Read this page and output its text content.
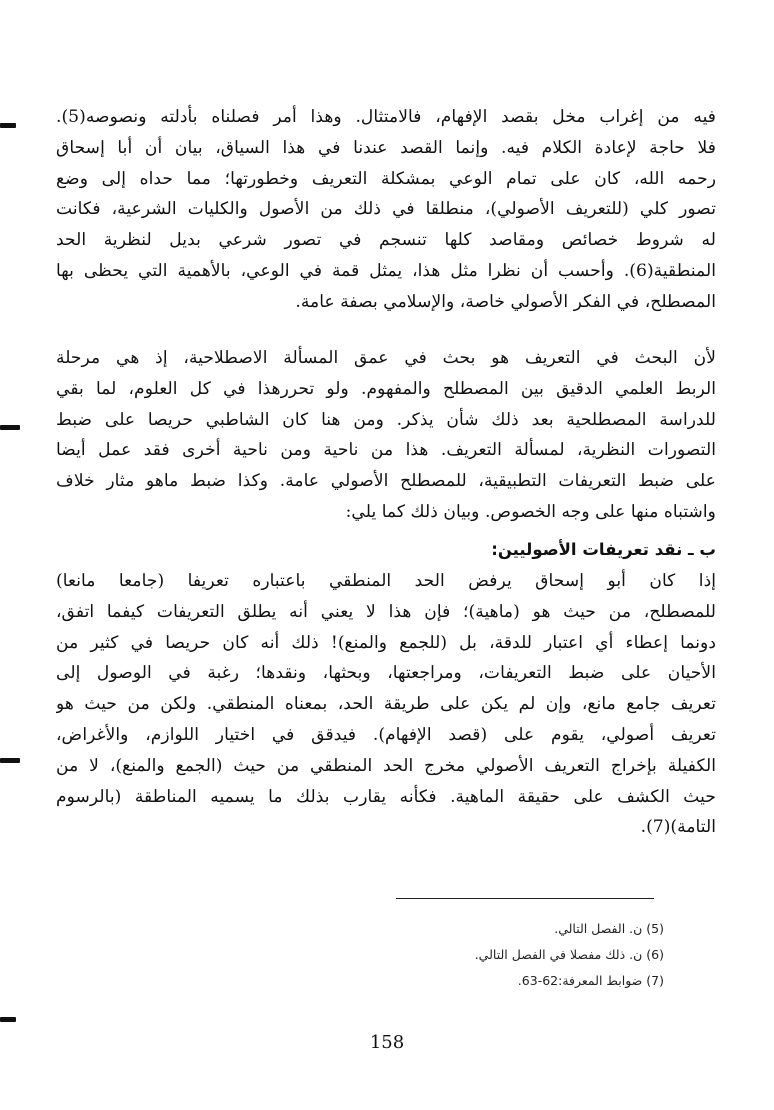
فيه من إغراب مخل بقصد الإفهام، فالامتثال. وهذا أمر فصلناه بأدلته ونصوصه(5).
فلا حاجة لإعادة الكلام فيه. وإنما القصد عندنا في هذا السياق، بيان أن أبا إسحاق
رحمه الله، كان على تمام الوعي بمشكلة التعريف وخطورتها؛ مما حداه إلى وضع
تصور كلي (للتعريف الأصولي)، منطلقا في ذلك من الأصول والكليات الشرعية، فكانت
له شروط خصائص ومقاصد كلها تنسجم في تصور شرعي بديل لنظرية الحد
المنطقية(6). وأحسب أن نظرا مثل هذا، يمثل قمة في الوعي، بالأهمية التي يحظى بها
المصطلح، في الفكر الأصولي خاصة، والإسلامي بصفة عامة.
لأن البحث في التعريف هو بحث في عمق المسألة الاصطلاحية، إذ هي مرحلة
الربط العلمي الدقيق بين المصطلح والمفهوم. ولو تحررهذا في كل العلوم، لما بقي
للدراسة المصطلحية بعد ذلك شأن يذكر. ومن هنا كان الشاطبي حريصا على ضبط
التصورات النظرية، لمسألة التعريف. هذا من ناحية ومن ناحية أخرى فقد عمل أيضا
على ضبط التعريفات التطبيقية، للمصطلح الأصولي عامة. وكذا ضبط ماهو مثار خلاف
واشتباه منها على وجه الخصوص. وبيان ذلك كما يلي:
ب ـ نقد تعريفات الأصوليين:
إذا كان أبو إسحاق يرفض الحد المنطقي باعتباره تعريفا (جامعا مانعا)
للمصطلح، من حيث هو (ماهية)؛ فإن هذا لا يعني أنه يطلق التعريفات كيفما اتفق،
دونما إعطاء أي اعتبار للدقة، بل (للجمع والمنع)! ذلك أنه كان حريصا في كثير من
الأحيان على ضبط التعريفات، ومراجعتها، وبحثها، ونقدها؛ رغبة في الوصول إلى
تعريف جامع مانع، وإن لم يكن على طريقة الحد، بمعناه المنطقي. ولكن من حيث هو
تعريف أصولي، يقوم على (قصد الإفهام). فيدقق في اختيار اللوازم، والأغراض،
الكفيلة بإخراج التعريف الأصولي مخرج الحد المنطقي من حيث (الجمع والمنع)، لا من
حيث الكشف على حقيقة الماهية. فكأنه يقارب بذلك ما يسميه المناطقة (بالرسوم
التامة)(7).
(5) ن. الفصل التالي.
(6) ن. ذلك مفصلا في الفصل التالي.
(7) ضوابط المعرفة:62-63.
158
